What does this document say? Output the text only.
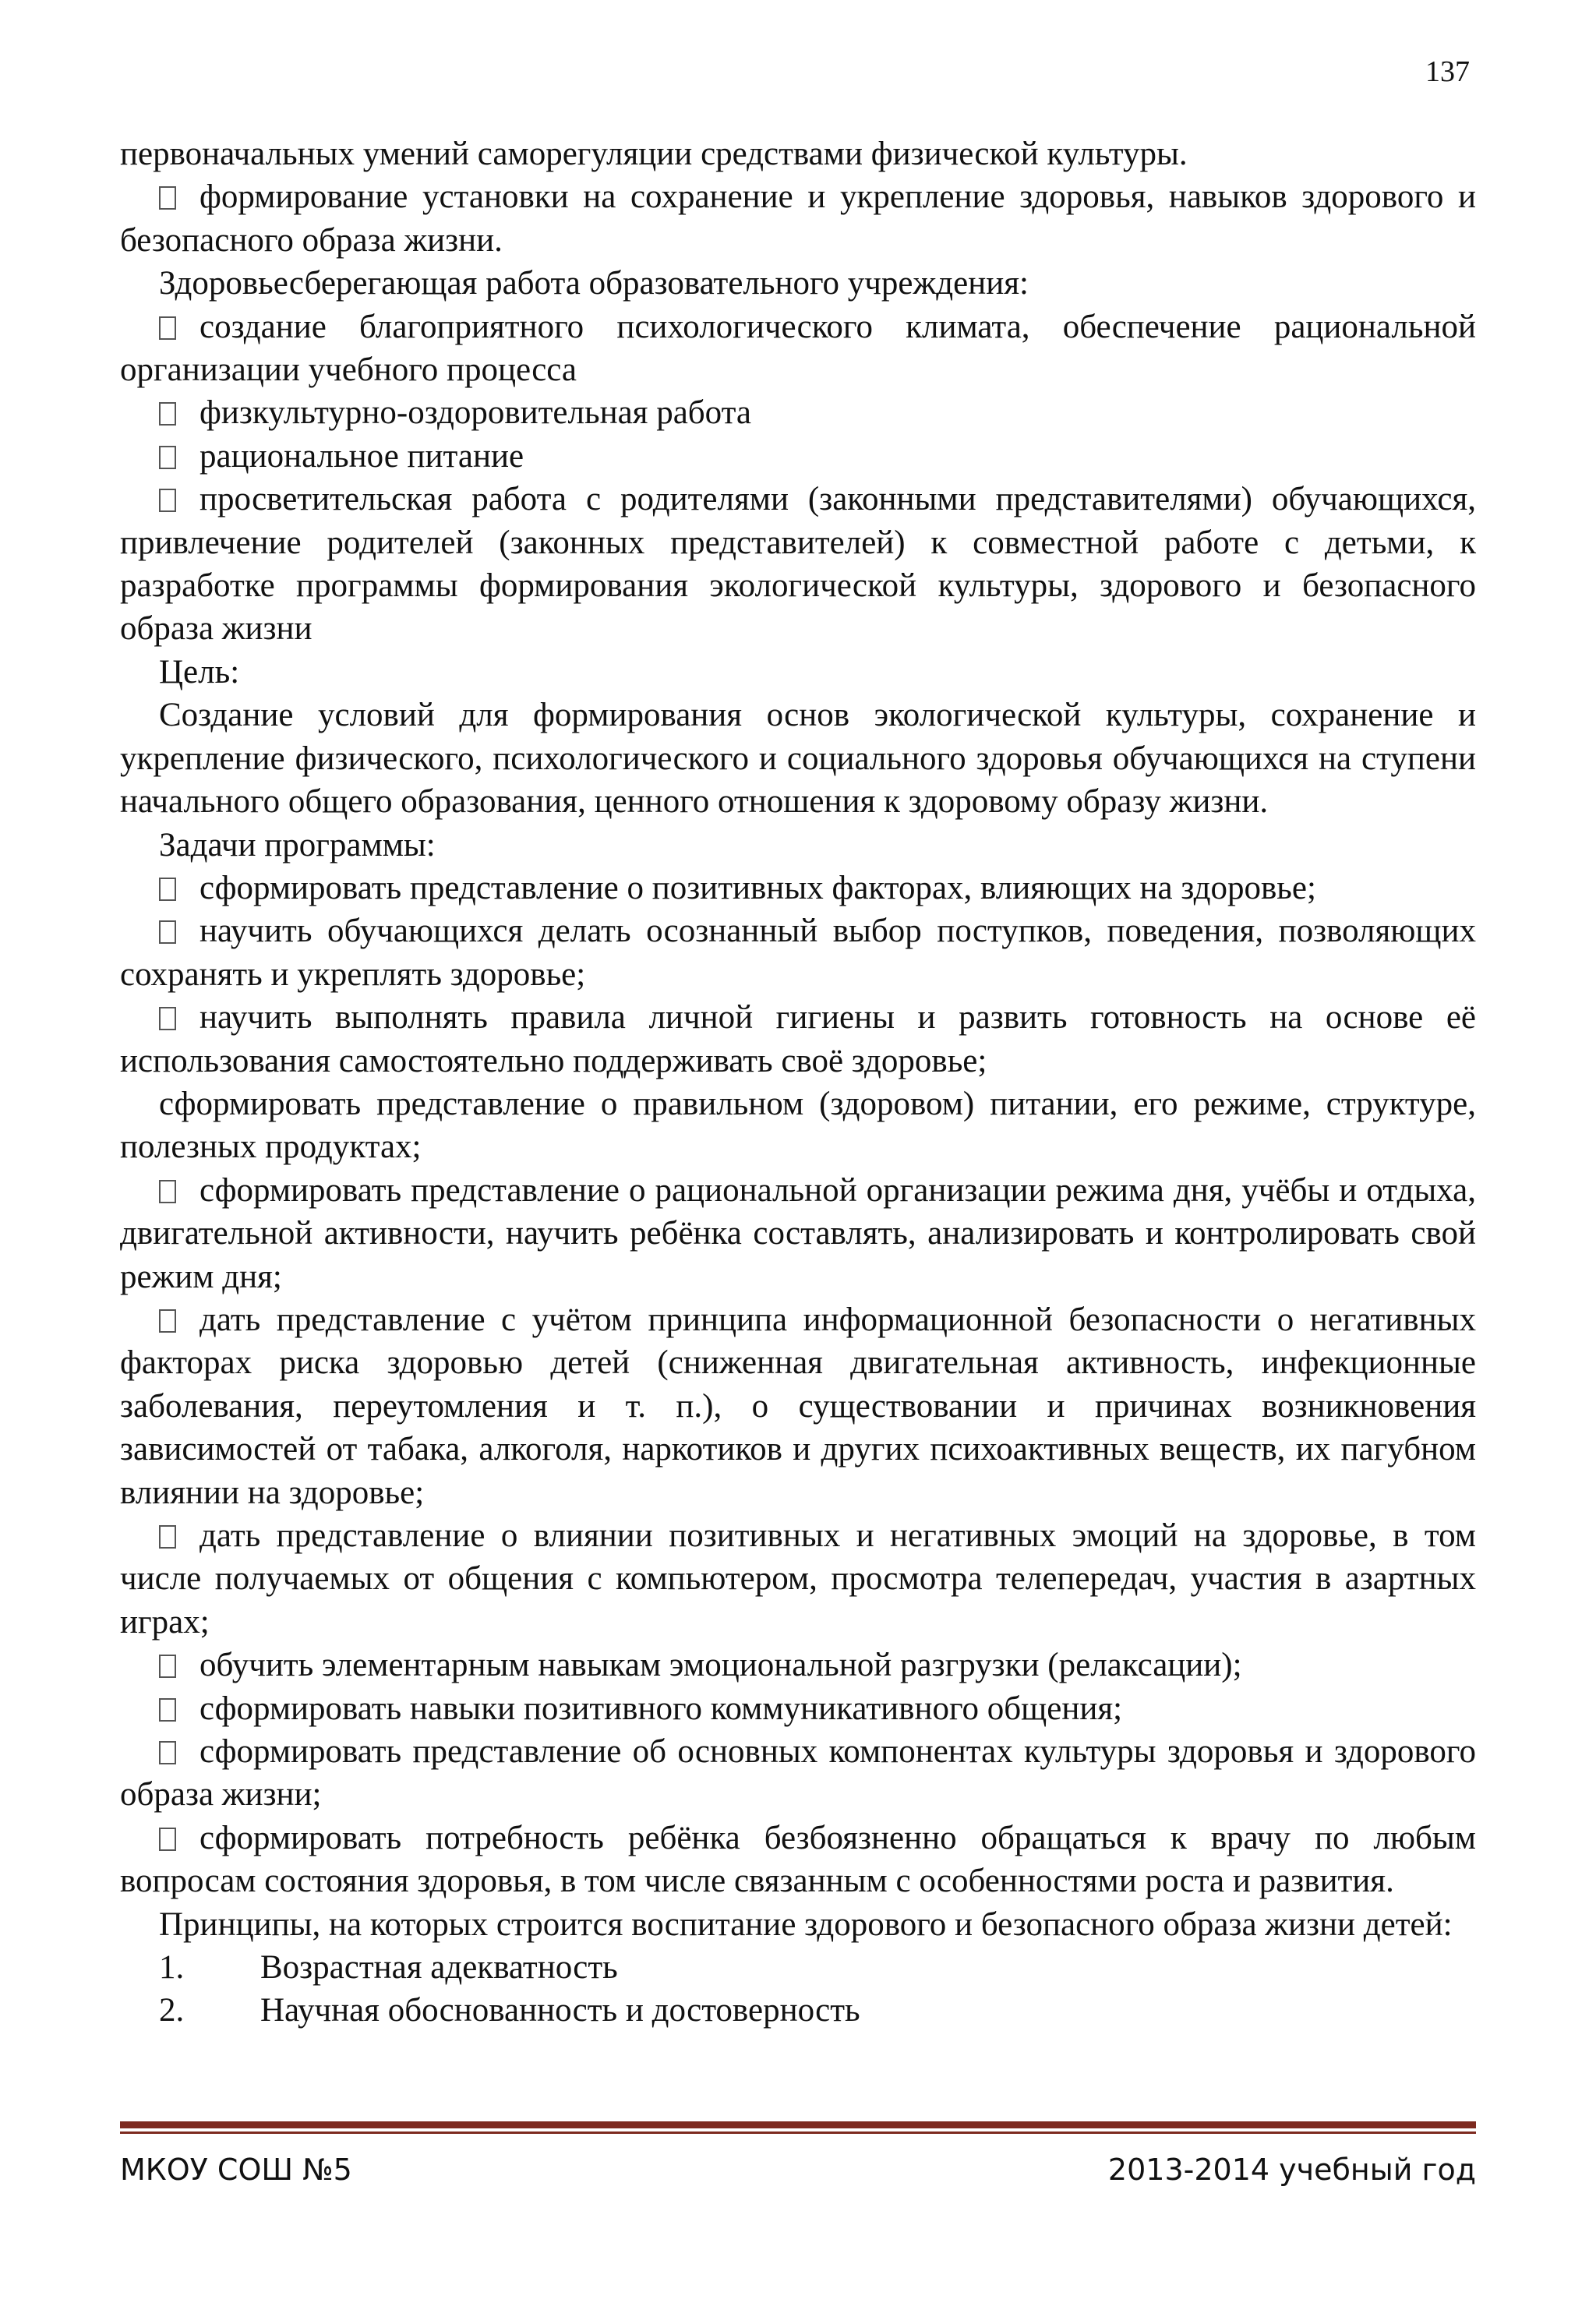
137

первоначальных умений саморегуляции средствами физической культуры.

формирование установки на сохранение и укрепление здоровья, навыков здорового и безопасного образа жизни.

Здоровьесберегающая работа образовательного учреждения:

создание благоприятного психологического климата, обеспечение рациональной организации учебного процесса

физкультурно-оздоровительная работа

рациональное питание

просветительская работа с родителями (законными представителями) обучающихся, привлечение родителей (законных представителей) к совместной работе с детьми, к разработке программы формирования экологической культуры, здорового и безопасного образа жизни

Цель:

Создание условий для формирования основ экологической культуры, сохранение и укрепление физического, психологического и социального здоровья обучающихся на ступени начального общего образования, ценного отношения к здоровому образу жизни.

Задачи программы:

сформировать представление о позитивных факторах, влияющих на здоровье;

научить обучающихся делать осознанный выбор поступков, поведения, позволяющих сохранять и укреплять здоровье;

научить выполнять правила личной гигиены и развить готовность на основе её использования самостоятельно поддерживать своё здоровье;

сформировать представление о правильном (здоровом) питании, его режиме, структуре, полезных продуктах;

сформировать представление о рациональной организации режима дня, учёбы и отдыха, двигательной активности, научить ребёнка составлять, анализировать и контролировать свой режим дня;

дать представление с учётом принципа информационной безопасности о негативных факторах риска здоровью детей (сниженная двигательная активность, инфекционные заболевания, переутомления и т. п.), о существовании и причинах возникновения зависимостей от табака, алкоголя, наркотиков и других психоактивных веществ, их пагубном влиянии на здоровье;

дать представление о влиянии позитивных и негативных эмоций на здоровье, в том числе получаемых от общения с компьютером, просмотра телепередач, участия в азартных играх;

обучить элементарным навыкам эмоциональной разгрузки (релаксации);

сформировать навыки позитивного коммуникативного общения;

сформировать представление об основных компонентах культуры здоровья и здорового образа жизни;

сформировать потребность ребёнка безбоязненно обращаться к врачу по любым вопросам состояния здоровья, в том числе связанным с особенностями роста и развития.

Принципы, на которых строится воспитание здорового и безопасного образа жизни детей:

1. Возрастная адекватность

2. Научная обоснованность и достоверность

МКОУ СОШ №5	2013-2014 учебный год
